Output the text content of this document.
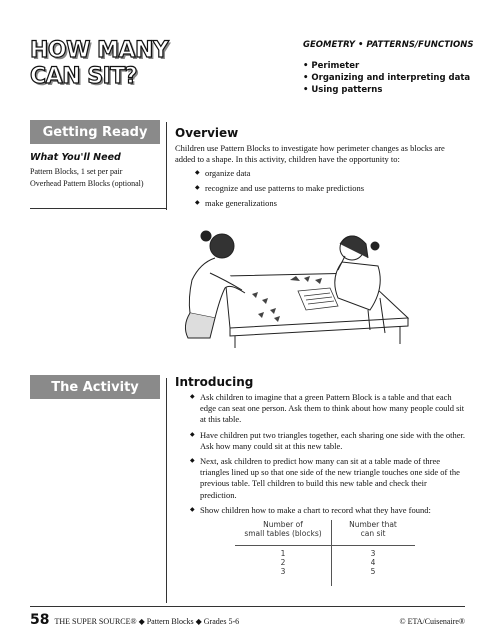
HOW MANY
CAN SIT?
GEOMETRY • PATTERNS/FUNCTIONS
• Perimeter
• Organizing and interpreting data
• Using patterns
Getting Ready
What You'll Need
Pattern Blocks, 1 set per pair
Overhead Pattern Blocks (optional)
Overview
Children use Pattern Blocks to investigate how perimeter changes as blocks are added to a shape. In this activity, children have the opportunity to:
◆ organize data
◆ recognize and use patterns to make predictions
◆ make generalizations
The Activity	Introducing
◆ Ask children to imagine that a green Pattern Block is a table and that each edge can seat one person. Ask them to think about how many people could sit at this table.
◆ Have children put two triangles together, each sharing one side with the other. Ask how many could sit at this new table.
◆ Next, ask children to predict how many can sit at a table made of three triangles lined up so that one side of the new triangle touches one side of the previous table. Tell children to build this new table and check their prediction.
◆ Show children how to make a chart to record what they have found:
Number of
small tables (blocks)
Number that
can sit
1
2
3
3
4
5
58 THE SUPER SOURCE® ◆ Pattern Blocks ◆ Grades 5-6	© ETA/Cuisenaire®
